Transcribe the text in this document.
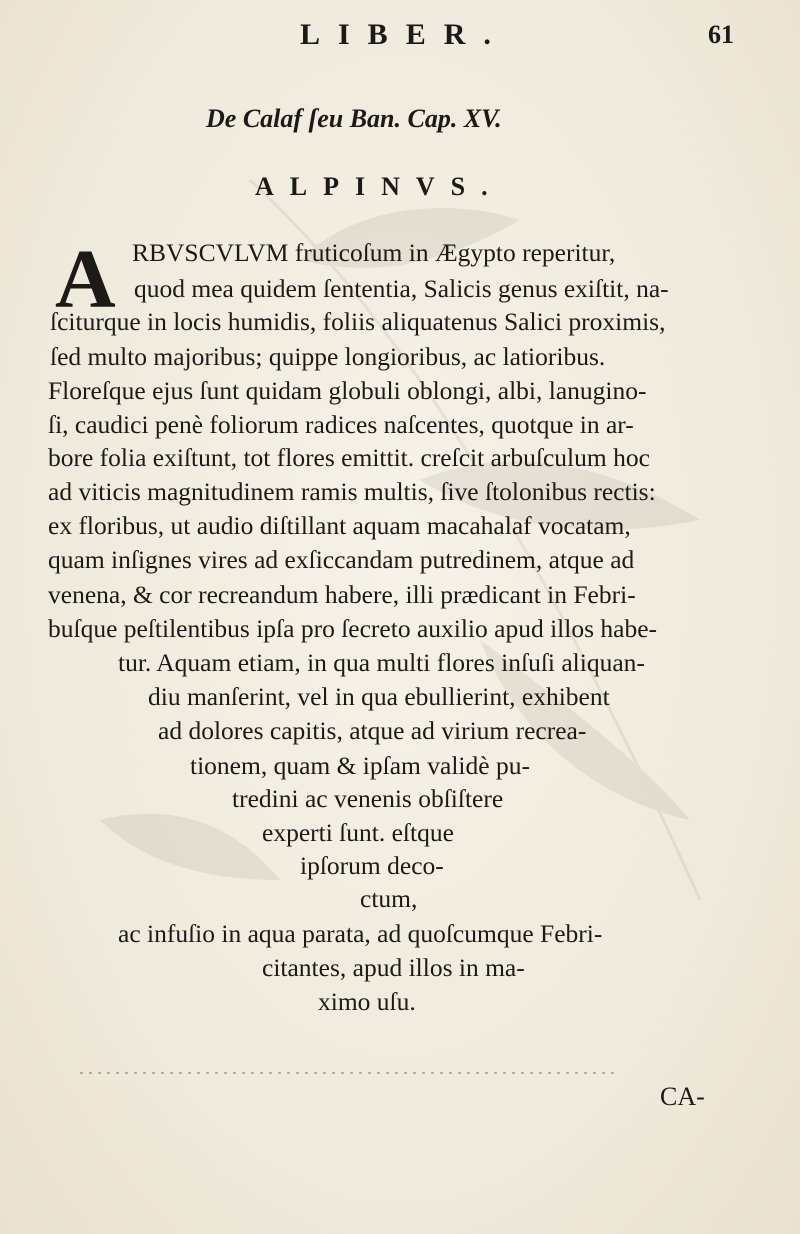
LIBER.	61
De Calaf ſeu Ban. Cap. XV.
ALPINVS.
A RBVSCVLVM fruticoſum in Ægypto reperitur,
quod mea quidem ſententia, Salicis genus exiſtit, na-
ſciturque in locis humidis, foliis aliquatenus Salici proximis,
ſed multo majoribus; quippe longioribus, ac latioribus.
Floreſque ejus ſunt quidam globuli oblongi, albi, lanugino-
ſi, caudici penè foliorum radices naſcentes, quotque in ar-
bore folia exiſtunt, tot flores emittit. creſcit arbuſculum hoc
ad viticis magnitudinem ramis multis, ſive ſtolonibus rectis:
ex floribus, ut audio diſtillant aquam macahalaf vocatam,
quam inſignes vires ad exſiccandam putredinem, atque ad
venena, & cor recreandum habere, illi prædicant in Febri-
buſque peſtilentibus ipſa pro ſecreto auxilio apud illos habe-
tur. Aquam etiam, in qua multi flores inſuſi aliquan-
diu manſerint, vel in qua ebullierint, exhibent
ad dolores capitis, atque ad virium recrea-
tionem, quam & ipſam validè pu-
tredini ac venenis obſiſtere
experti ſunt. eſtque
ipſorum deco-
ctum,
ac infuſio in aqua parata, ad quoſcumque Febri-
citantes, apud illos in ma-
ximo uſu.
CA-
